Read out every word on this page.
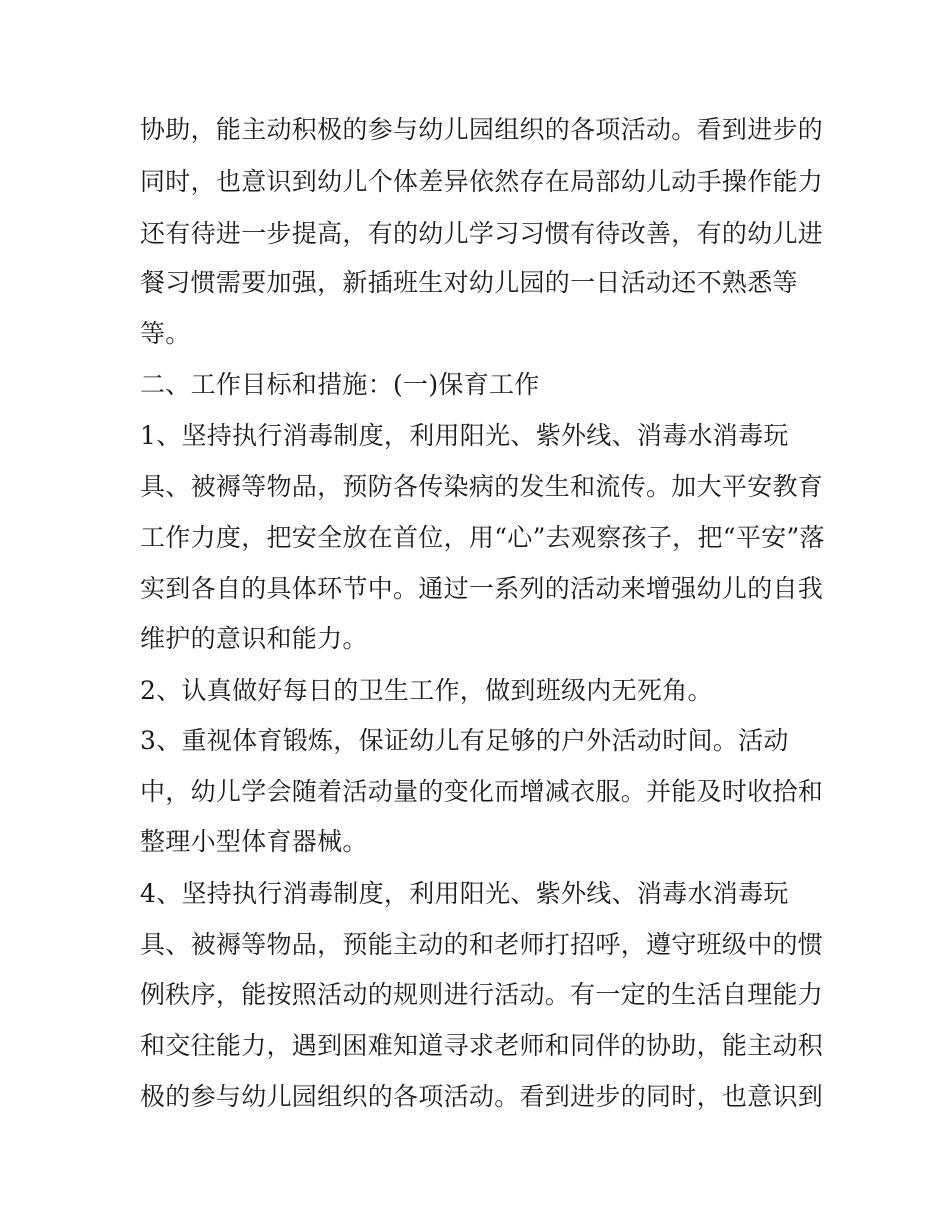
协助，能主动积极的参与幼儿园组织的各项活动。看到进步的
同时，也意识到幼儿个体差异依然存在局部幼儿动手操作能力
还有待进一步提高，有的幼儿学习习惯有待改善，有的幼儿进
餐习惯需要加强，新插班生对幼儿园的一日活动还不熟悉等
等。
二、工作目标和措施：(一)保育工作
1、坚持执行消毒制度，利用阳光、紫外线、消毒水消毒玩
具、被褥等物品，预防各传染病的发生和流传。加大平安教育
工作力度，把安全放在首位，用“心”去观察孩子，把“平安”落
实到各自的具体环节中。通过一系列的活动来增强幼儿的自我
维护的意识和能力。
2、认真做好每日的卫生工作，做到班级内无死角。
3、重视体育锻炼，保证幼儿有足够的户外活动时间。活动
中，幼儿学会随着活动量的变化而增减衣服。并能及时收拾和
整理小型体育器械。
4、坚持执行消毒制度，利用阳光、紫外线、消毒水消毒玩
具、被褥等物品，预能主动的和老师打招呼，遵守班级中的惯
例秩序，能按照活动的规则进行活动。有一定的生活自理能力
和交往能力，遇到困难知道寻求老师和同伴的协助，能主动积
极的参与幼儿园组织的各项活动。看到进步的同时，也意识到
